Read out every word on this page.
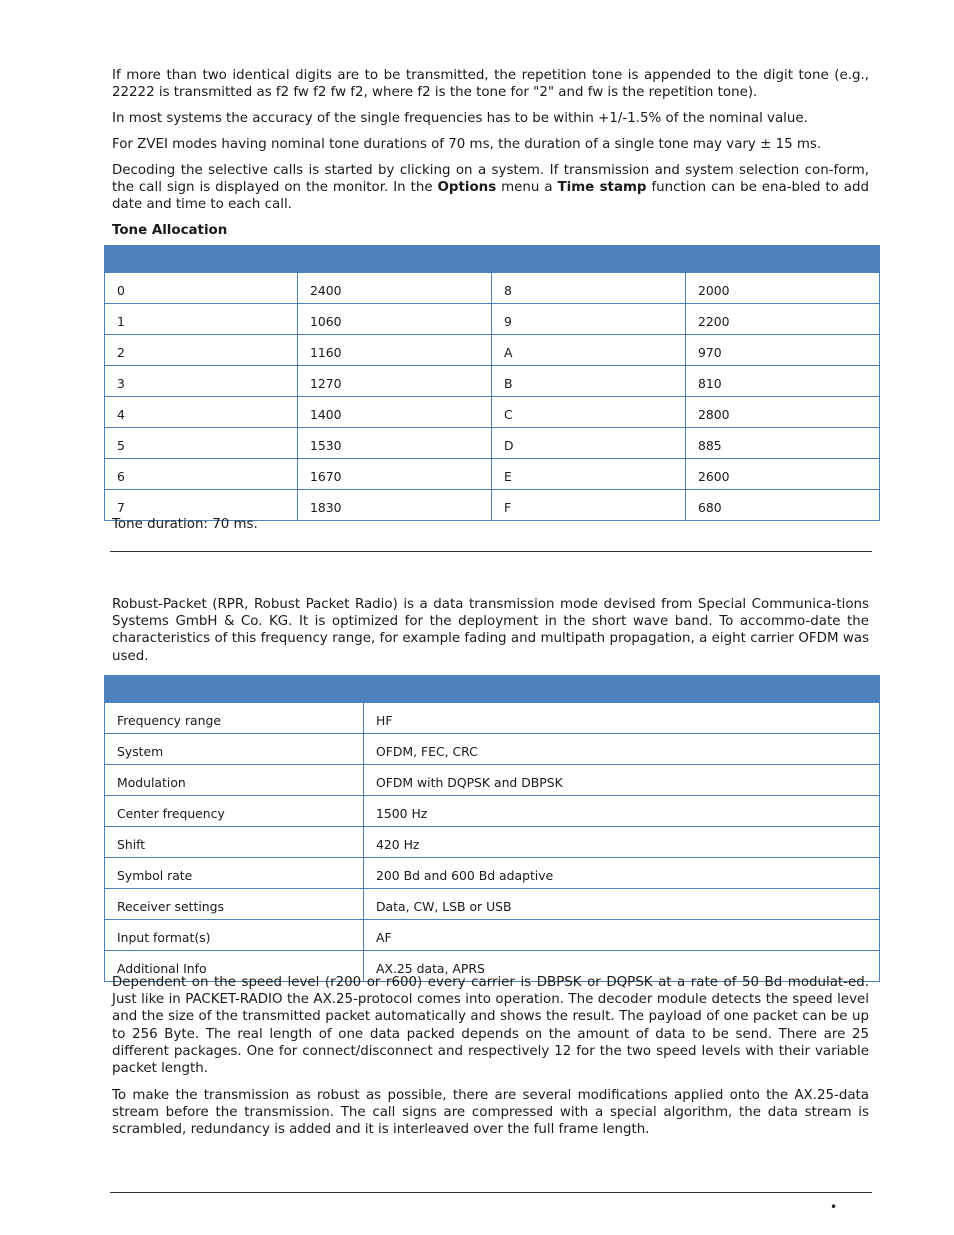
If more than two identical digits are to be transmitted, the repetition tone is appended to the digit tone (e.g., 22222 is transmitted as f2 fw f2 fw f2, where f2 is the tone for "2" and fw is the repetition tone).

In most systems the accuracy of the single frequencies has to be within +1/-1.5% of the nominal value.

For ZVEI modes having nominal tone durations of 70 ms, the duration of a single tone may vary ± 15 ms.

Decoding the selective calls is started by clicking on a system. If transmission and system selection con-form, the call sign is displayed on the monitor. In the Options menu a Time stamp function can be ena-bled to add date and time to each call.

Tone Allocation

0	2400	8	2000
1	1060	9	2200
2	1160	A	970
3	1270	B	810
4	1400	C	2800
5	1530	D	885
6	1670	E	2600
7	1830	F	680

Tone duration: 70 ms.

Robust-Packet (RPR, Robust Packet Radio) is a data transmission mode devised from Special Communica-tions Systems GmbH & Co. KG. It is optimized for the deployment in the short wave band. To accommo-date the characteristics of this frequency range, for example fading and multipath propagation, a eight carrier OFDM was used.

Frequency range	HF
System	OFDM, FEC, CRC
Modulation	OFDM with DQPSK and DBPSK
Center frequency	1500 Hz
Shift	420 Hz
Symbol rate	200 Bd and 600 Bd adaptive
Receiver settings	Data, CW, LSB or USB
Input format(s)	AF
Additional Info	AX.25 data, APRS

Dependent on the speed level (r200 or r600) every carrier is DBPSK or DQPSK at a rate of 50 Bd modulat-ed. Just like in PACKET-RADIO the AX.25-protocol comes into operation. The decoder module detects the speed level and the size of the transmitted packet automatically and shows the result. The payload of one packet can be up to 256 Byte. The real length of one data packed depends on the amount of data to be send. There are 25 different packages. One for connect/disconnect and respectively 12 for the two speed levels with their variable packet length.

To make the transmission as robust as possible, there are several modifications applied onto the AX.25-data stream before the transmission. The call signs are compressed with a special algorithm, the data stream is scrambled, redundancy is added and it is interleaved over the full frame length.

•
